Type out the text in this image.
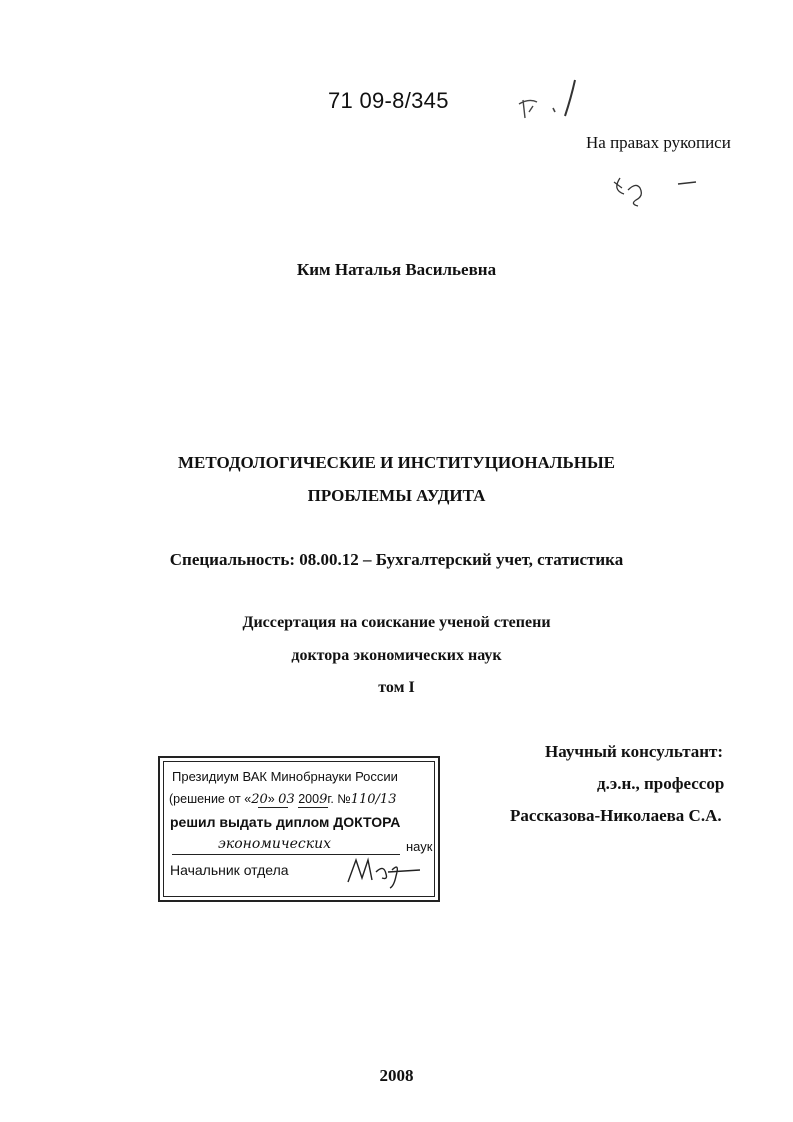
71 09-8/345
На правах рукописи
Ким Наталья Васильевна
МЕТОДОЛОГИЧЕСКИЕ И ИНСТИТУЦИОНАЛЬНЫЕ
ПРОБЛЕМЫ АУДИТА
Специальность: 08.00.12 – Бухгалтерский учет, статистика
Диссертация на соискание ученой степени
доктора экономических наук
том I
Научный консультант:
д.э.н., профессор
Рассказова-Николаева С.А.
Президиум ВАК Минобрнауки России
(решение от «20» 03 2009г. №110/13
решил выдать диплом ДОКТОРА
экономических	наук
Начальник отдела
2008
